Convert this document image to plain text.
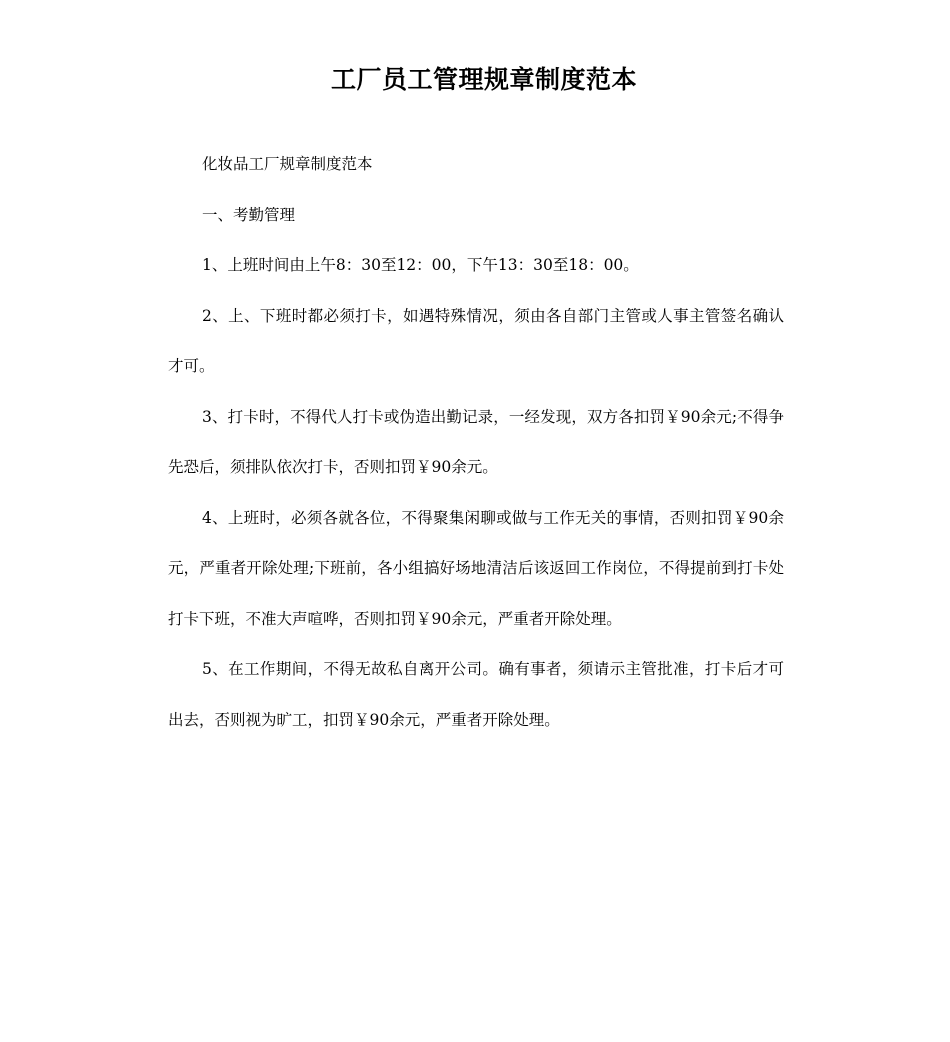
工厂员工管理规章制度范本

化妆品工厂规章制度范本

一、考勤管理

1、上班时间由上午8：30至12：00，下午13：30至18：00。

2、上、下班时都必须打卡，如遇特殊情况，须由各自部门主管或人事主管签名确认才可。

3、打卡时，不得代人打卡或伪造出勤记录，一经发现，双方各扣罚￥90余元;不得争先恐后，须排队依次打卡，否则扣罚￥90余元。

4、上班时，必须各就各位，不得聚集闲聊或做与工作无关的事情，否则扣罚￥90余元，严重者开除处理;下班前，各小组搞好场地清洁后该返回工作岗位，不得提前到打卡处打卡下班，不准大声喧哗，否则扣罚￥90余元，严重者开除处理。

5、在工作期间，不得无故私自离开公司。确有事者，须请示主管批准，打卡后才可出去，否则视为旷工，扣罚￥90余元，严重者开除处理。
